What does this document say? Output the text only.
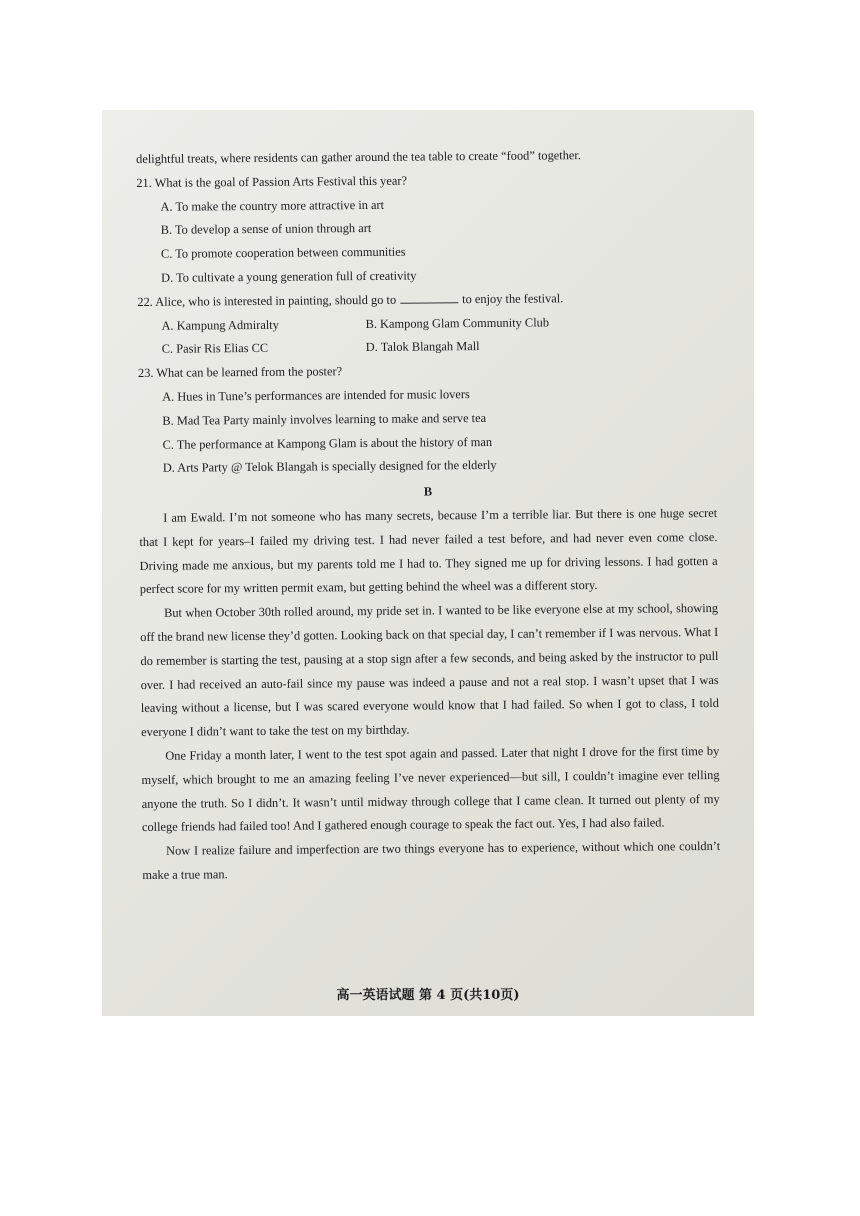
delightful treats, where residents can gather around the tea table to create “food” together.
21. What is the goal of Passion Arts Festival this year?
A. To make the country more attractive in art
B. To develop a sense of union through art
C. To promote cooperation between communities
D. To cultivate a young generation full of creativity
22. Alice, who is interested in painting, should go to	to enjoy the festival.
A. Kampung Admiralty	B. Kampong Glam Community Club
C. Pasir Ris Elias CC	D. Talok Blangah Mall
23. What can be learned from the poster?
A. Hues in Tune’s performances are intended for music lovers
B. Mad Tea Party mainly involves learning to make and serve tea
C. The performance at Kampong Glam is about the history of man
D. Arts Party @ Telok Blangah is specially designed for the elderly
B

I am Ewald. I’m not someone who has many secrets, because I’m a terrible liar. But there is one huge secret that I kept for years–I failed my driving test. I had never failed a test before, and had never even come close. Driving made me anxious, but my parents told me I had to. They signed me up for driving lessons. I had gotten a perfect score for my written permit exam, but getting behind the wheel was a different story.

But when October 30th rolled around, my pride set in. I wanted to be like everyone else at my school, showing off the brand new license they’d gotten. Looking back on that special day, I can’t remember if I was nervous. What I do remember is starting the test, pausing at a stop sign after a few seconds, and being asked by the instructor to pull over. I had received an auto-fail since my pause was indeed a pause and not a real stop. I wasn’t upset that I was leaving without a license, but I was scared everyone would know that I had failed. So when I got to class, I told everyone I didn’t want to take the test on my birthday.

One Friday a month later, I went to the test spot again and passed. Later that night I drove for the first time by myself, which brought to me an amazing feeling I’ve never experienced—but sill, I couldn’t imagine ever telling anyone the truth. So I didn’t. It wasn’t until midway through college that I came clean. It turned out plenty of my college friends had failed too! And I gathered enough courage to speak the fact out. Yes, I had also failed.

Now I realize failure and imperfection are two things everyone has to experience, without which one couldn’t make a true man.

高一英语试题 第 4 页(共10页)
